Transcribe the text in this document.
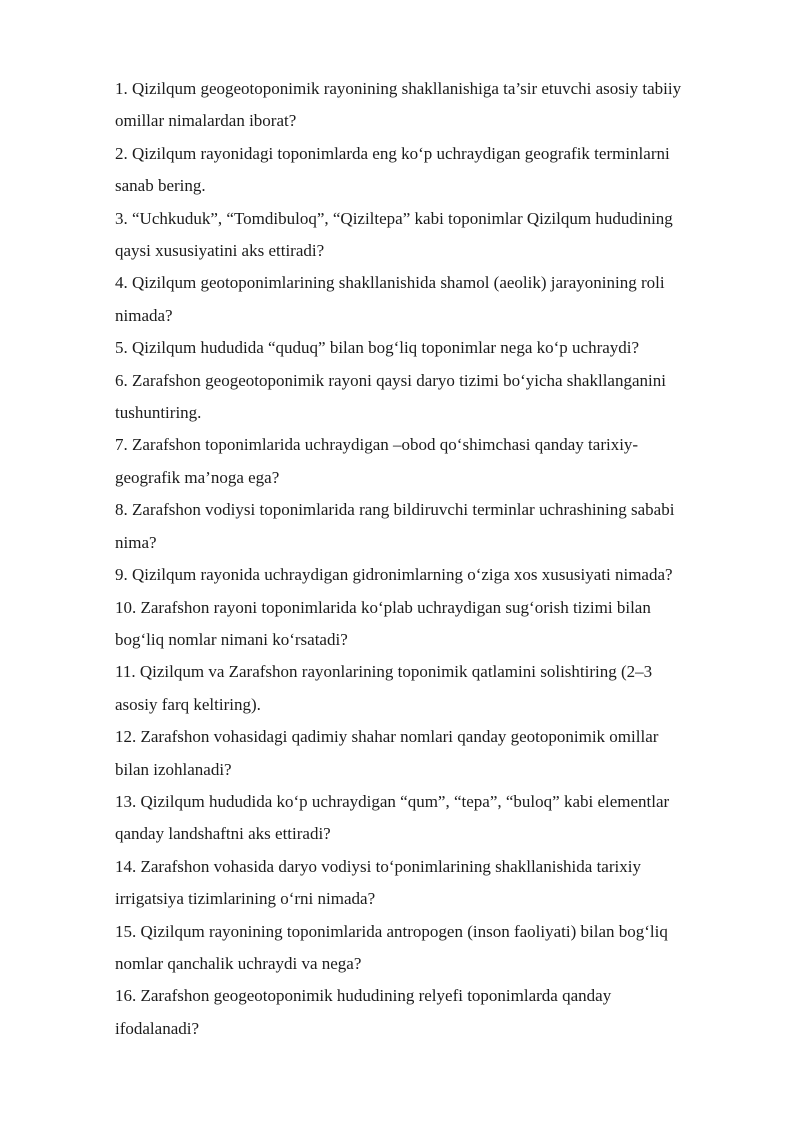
1. Qizilqum geogeotoponimik rayonining shakllanishiga ta’sir etuvchi asosiy tabiiy
omillar nimalardan iborat?
2. Qizilqum rayonidagi toponimlarda eng ko‘p uchraydigan geografik terminlarni
sanab bering.
3. “Uchkuduk”, “Tomdibuloq”, “Qiziltepa” kabi toponimlar Qizilqum hududining
qaysi xususiyatini aks ettiradi?
4. Qizilqum geotoponimlarining shakllanishida shamol (aeolik) jarayonining roli
nimada?
5. Qizilqum hududida “quduq” bilan bog‘liq toponimlar nega ko‘p uchraydi?
6. Zarafshon geogeotoponimik rayoni qaysi daryo tizimi bo‘yicha shakllanganini
tushuntiring.
7. Zarafshon toponimlarida uchraydigan –obod qo‘shimchasi qanday tarixiy-
geografik ma’noga ega?
8. Zarafshon vodiysi toponimlarida rang bildiruvchi terminlar uchrashining sababi
nima?
9. Qizilqum rayonida uchraydigan gidronimlarning o‘ziga xos xususiyati nimada?
10. Zarafshon rayoni toponimlarida ko‘plab uchraydigan sug‘orish tizimi bilan
bog‘liq nomlar nimani ko‘rsatadi?
11. Qizilqum va Zarafshon rayonlarining toponimik qatlamini solishtiring (2–3
asosiy farq keltiring).
12. Zarafshon vohasidagi qadimiy shahar nomlari qanday geotoponimik omillar
bilan izohlanadi?
13. Qizilqum hududida ko‘p uchraydigan “qum”, “tepa”, “buloq” kabi elementlar
qanday landshaftni aks ettiradi?
14. Zarafshon vohasida daryo vodiysi to‘ponimlarining shakllanishida tarixiy
irrigatsiya tizimlarining o‘rni nimada?
15. Qizilqum rayonining toponimlarida antropogen (inson faoliyati) bilan bog‘liq
nomlar qanchalik uchraydi va nega?
16. Zarafshon geogeotoponimik hududining relyefi toponimlarda qanday
ifodalanadi?
